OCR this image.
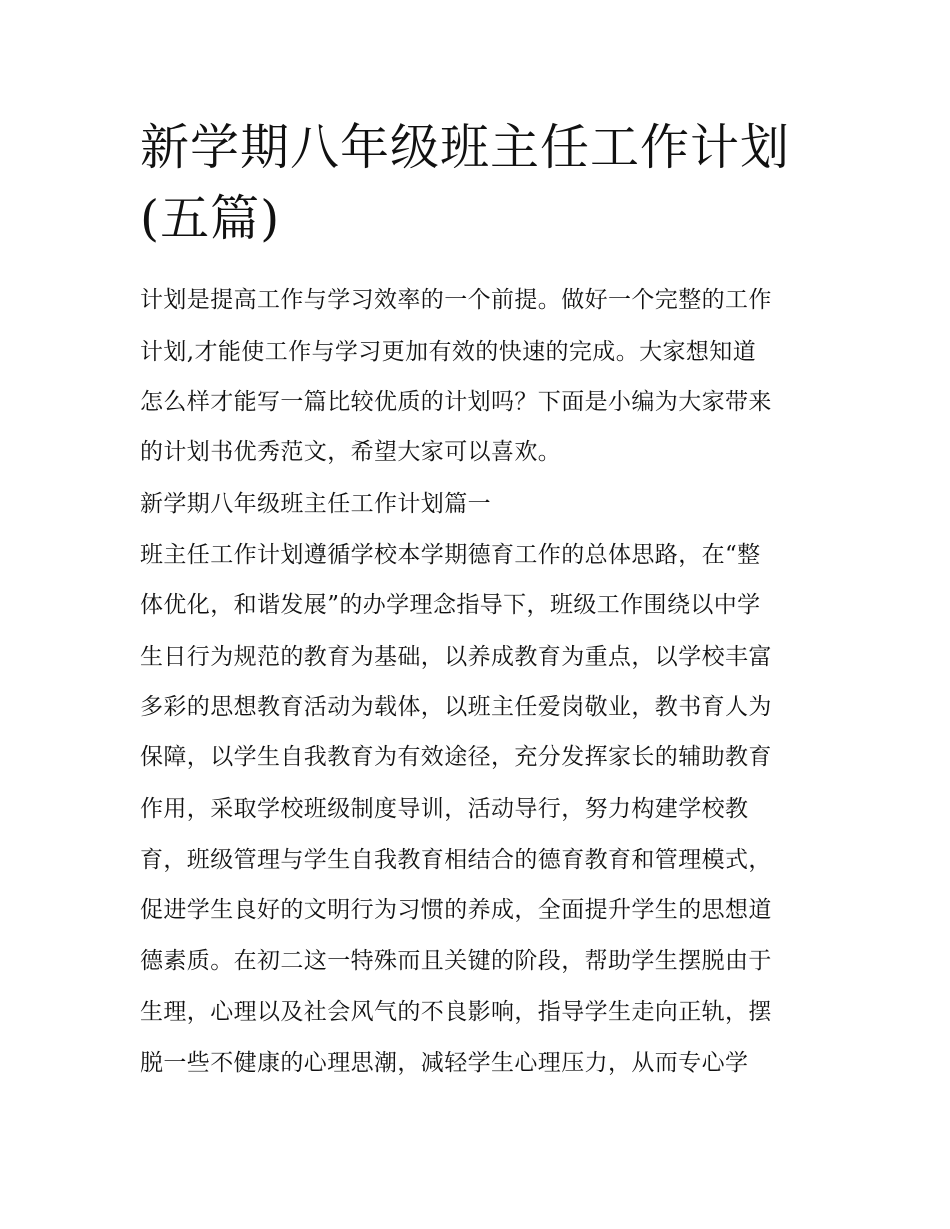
新学期八年级班主任工作计划
(五篇)

计划是提高工作与学习效率的一个前提。做好一个完整的工作

计划,才能使工作与学习更加有效的快速的完成。大家想知道

怎么样才能写一篇比较优质的计划吗？下面是小编为大家带来

的计划书优秀范文，希望大家可以喜欢。

新学期八年级班主任工作计划篇一

班主任工作计划遵循学校本学期德育工作的总体思路，在“整

体优化，和谐发展”的办学理念指导下，班级工作围绕以中学

生日行为规范的教育为基础，以养成教育为重点，以学校丰富

多彩的思想教育活动为载体，以班主任爱岗敬业，教书育人为

保障，以学生自我教育为有效途径，充分发挥家长的辅助教育

作用，采取学校班级制度导训，活动导行，努力构建学校教

育，班级管理与学生自我教育相结合的德育教育和管理模式，

促进学生良好的文明行为习惯的养成，全面提升学生的思想道

德素质。在初二这一特殊而且关键的阶段，帮助学生摆脱由于

生理，心理以及社会风气的不良影响，指导学生走向正轨，摆

脱一些不健康的心理思潮，减轻学生心理压力，从而专心学
